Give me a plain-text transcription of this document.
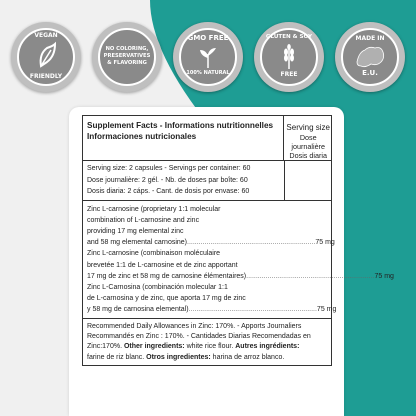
VEGAN
FRIENDLY
NO COLORING,
PRESERVATIVES
& FLAVORING
GMO FREE
100% NATURAL
GLUTEN & SOY
FREE
MADE IN
E.U.
Supplement Facts - Informations nutritionnelles
Informaciones nutricionales
Serving size
Dose
journalière
Dosis diaria
Serving size: 2 capsules - Servings per container: 60
Dose journalière: 2 gél. - Nb. de doses par boîte: 60
Dosis diaria: 2 cáps. - Cant. de dosis por envase: 60
Zinc L-carnosine (proprietary 1:1 molecular
combination of L-carnosine and zinc
providing 17 mg elemental zinc
and 58 mg elemental carnosine) .................................................................. 75 mg
Zinc L-carnosine (combinaison moléculaire
brevetée 1:1 de L-carnosine et de zinc apportant
17 mg de zinc et 58 mg de carnosine élémentaires) .................................................................. 75 mg
Zinc L-Carnosina (combinación molecular 1:1
de L-carnosina y de zinc, que aporta 17 mg de zinc
y 58 mg de carnosina elemental) .................................................................. 75 mg
Recommended Daily Allowances in Zinc: 170%. - Apports Journaliers
Recommandés en Zinc : 170%. - Cantidades Diarias Recomendadas en
Zinc:170%. Other ingredients: white rice flour. Autres ingrédients:
farine de riz blanc. Otros ingredientes: harina de arroz blanco.
